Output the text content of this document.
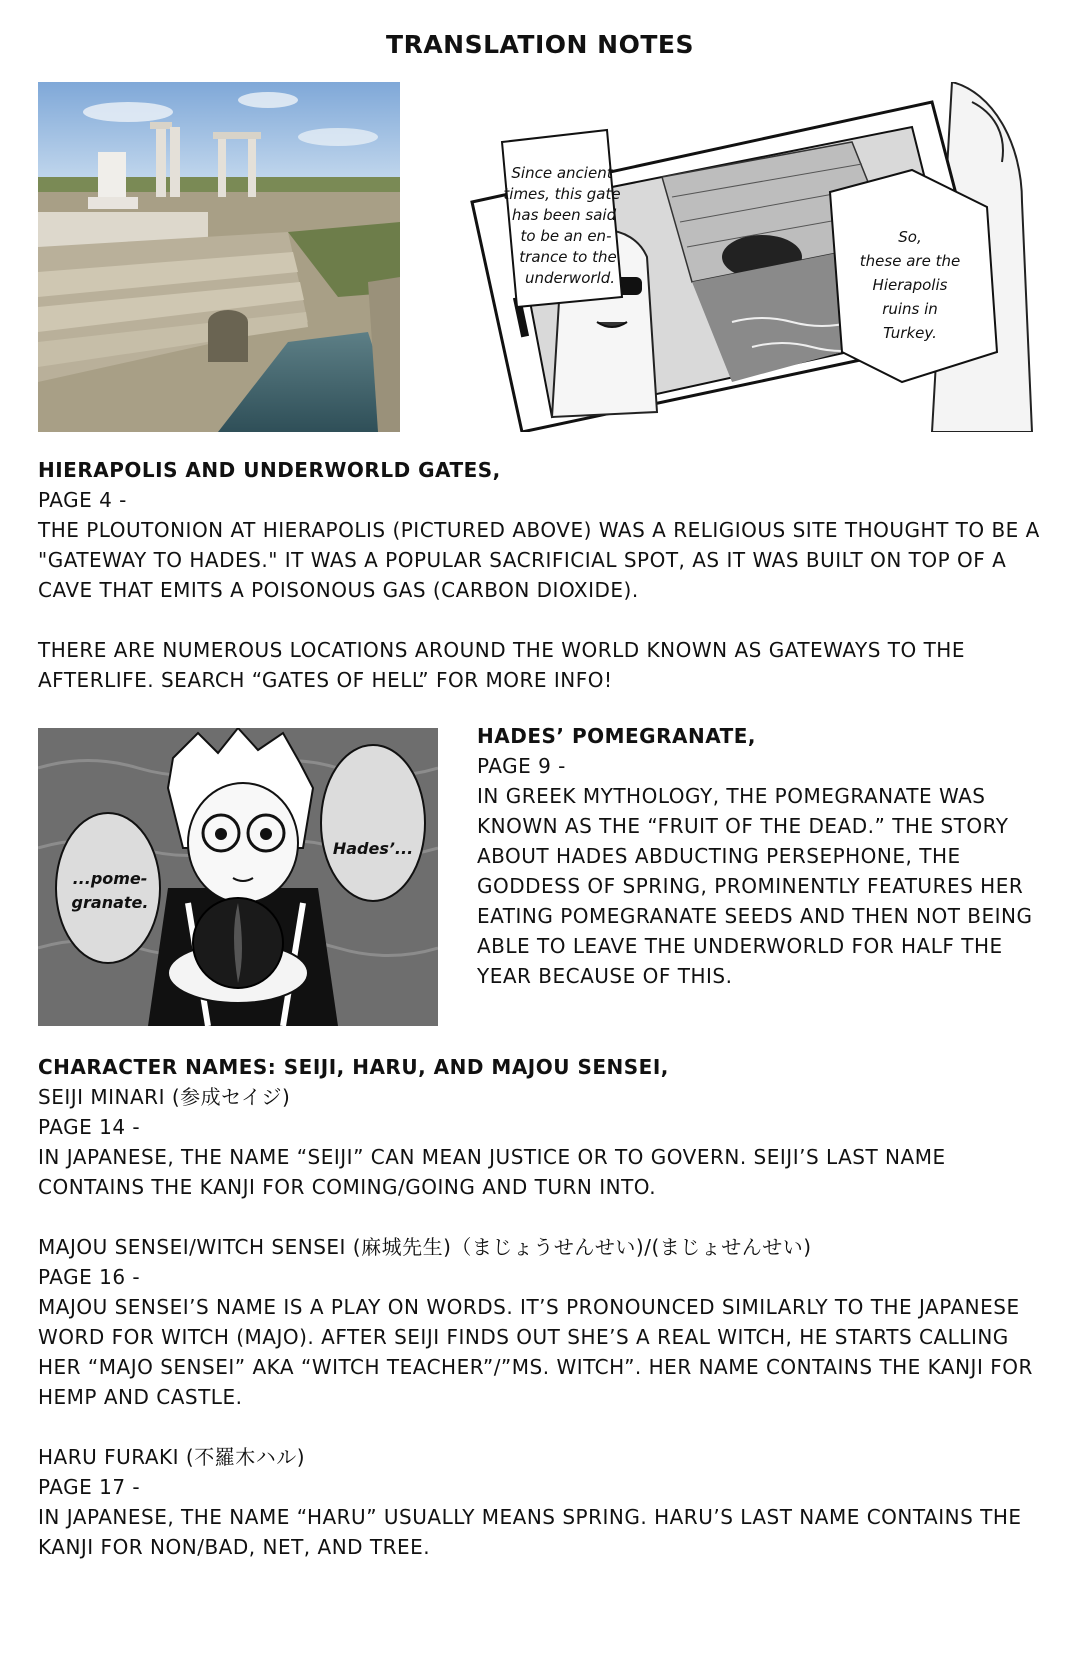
TRANSLATION NOTES
Since ancient
times, this gate
has been said
to be an en-
trance to the
underworld.
So,
these are the
Hierapolis
ruins in
Turkey.

HIERAPOLIS AND UNDERWORLD GATES,

PAGE 4 -

THE PLOUTONION AT HIERAPOLIS (PICTURED ABOVE) WAS A RELIGIOUS SITE THOUGHT TO BE A "GATEWAY TO HADES." IT WAS A POPULAR SACRIFICIAL SPOT, AS IT WAS BUILT ON TOP OF A CAVE THAT EMITS A POISONOUS GAS (CARBON DIOXIDE).

THERE ARE NUMEROUS LOCATIONS AROUND THE WORLD KNOWN AS GATEWAYS TO THE AFTERLIFE. SEARCH “GATES OF HELL” FOR MORE INFO!

...pome-
granate.
Hades’...

HADES’ POMEGRANATE,

PAGE 9 -

IN GREEK MYTHOLOGY, THE POMEGRANATE WAS KNOWN AS THE “FRUIT OF THE DEAD.” THE STORY ABOUT HADES ABDUCTING PERSEPHONE, THE GODDESS OF SPRING, PROMINENTLY FEATURES HER EATING POMEGRANATE SEEDS AND THEN NOT BEING ABLE TO LEAVE THE UNDERWORLD FOR HALF THE YEAR BECAUSE OF THIS.

CHARACTER NAMES: SEIJI, HARU, AND MAJOU SENSEI,

SEIJI MINARI (参成セイジ)

PAGE 14 -

IN JAPANESE, THE NAME “SEIJI” CAN MEAN JUSTICE OR TO GOVERN. SEIJI’S LAST NAME CONTAINS THE KANJI FOR COMING/GOING AND TURN INTO.

MAJOU SENSEI/WITCH SENSEI (麻城先生)（まじょうせんせい)/(まじょせんせい)

PAGE 16 -

MAJOU SENSEI’S NAME IS A PLAY ON WORDS. IT’S PRONOUNCED SIMILARLY TO THE JAPANESE WORD FOR WITCH (MAJO). AFTER SEIJI FINDS OUT SHE’S A REAL WITCH, HE STARTS CALLING HER “MAJO SENSEI” AKA “WITCH TEACHER”/”MS. WITCH”. HER NAME CONTAINS THE KANJI FOR HEMP AND CASTLE.

HARU FURAKI (不羅木ハル)

PAGE 17 -

IN JAPANESE, THE NAME “HARU” USUALLY MEANS SPRING. HARU’S LAST NAME CONTAINS THE KANJI FOR NON/BAD, NET, AND TREE.
